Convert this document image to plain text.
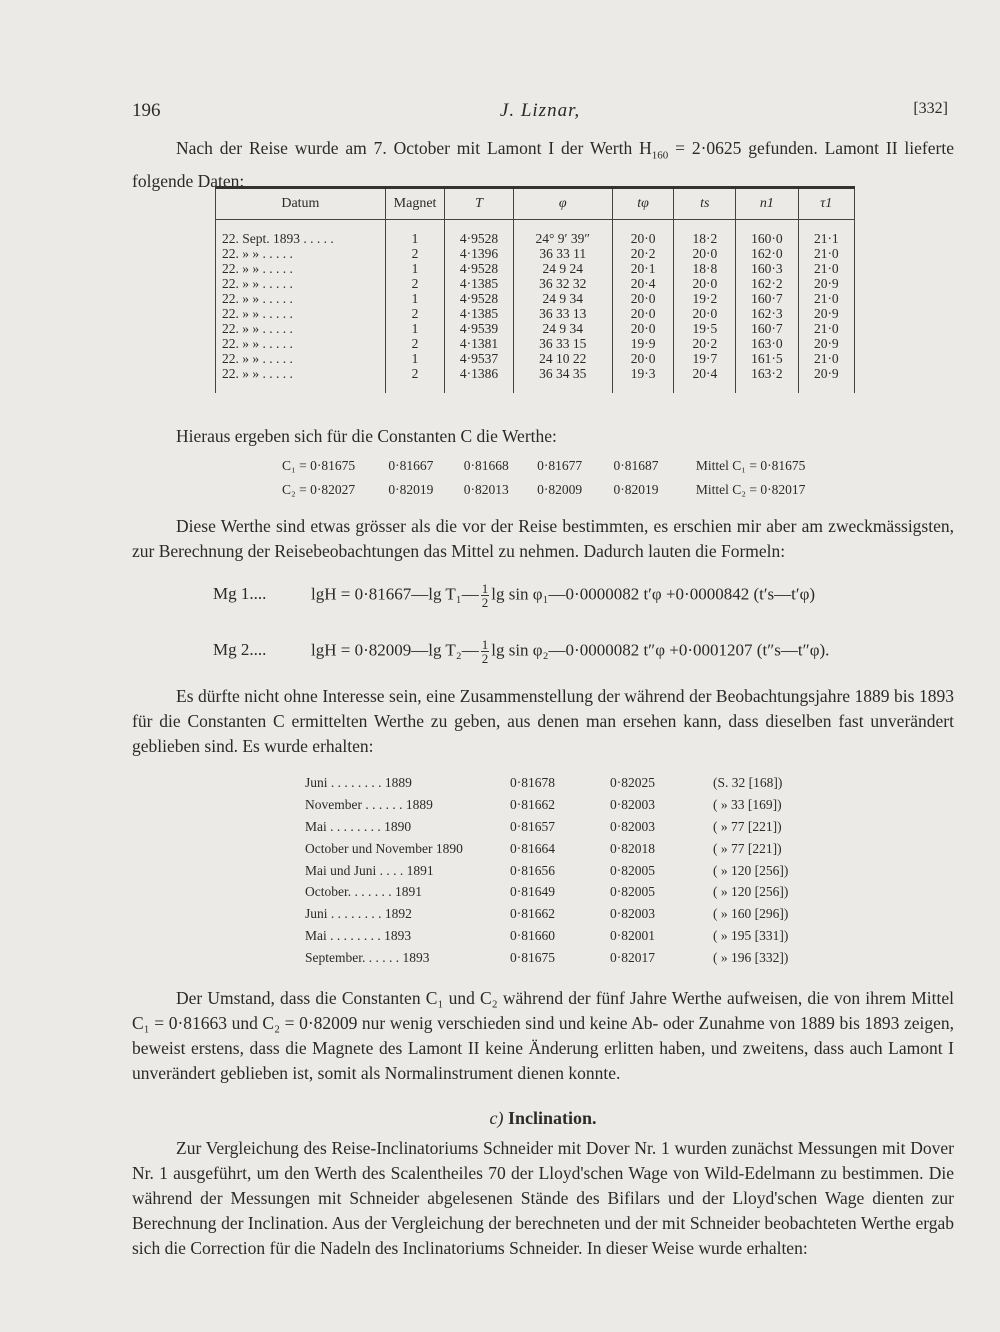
196	J. Liznar,	[332]
Nach der Reise wurde am 7. October mit Lamont I der Werth $H_{160} = 2\cdot 0625$ gefunden. Lamont II lieferte folgende Daten:
Datum	Magnet	T	φ	tφ	ts	n1	τ1

22. Sept. 1893 . . . . .	1	4·9528	24° 9′ 39″	20·0	18·2	160·0	21·1
22. » » . . . . .	2	4·1396	36 33 11	20·2	20·0	162·0	21·0
22. » » . . . . .	1	4·9528	24 9 24	20·1	18·8	160·3	21·0
22. » » . . . . .	2	4·1385	36 32 32	20·4	20·0	162·2	20·9
22. » » . . . . .	1	4·9528	24 9 34	20·0	19·2	160·7	21·0
22. » » . . . . .	2	4·1385	36 33 13	20·0	20·0	162·3	20·9
22. » » . . . . .	1	4·9539	24 9 34	20·0	19·5	160·7	21·0
22. » » . . . . .	2	4·1381	36 33 15	19·9	20·2	163·0	20·9
22. » » . . . . .	1	4·9537	24 10 22	20·0	19·7	161·5	21·0
22. » » . . . . .	2	4·1386	36 34 35	19·3	20·4	163·2	20·9

Hieraus ergeben sich für die Constanten C die Werthe:
C₁ = 0·81675 0·81667 0·81668 0·81677 0·81687	Mittel C₁ = 0·81675
C₂ = 0·82027 0·82019 0·82013 0·82009 0·82019	Mittel C₂ = 0·82017
Diese Werthe sind etwas grösser als die vor der Reise bestimmten, es erschien mir aber am zweckmässigsten, zur Berechnung der Reisebeobachtungen das Mittel zu nehmen. Dadurch lauten die Formeln:
Mg 1....	lgH = 0·81667—lg T₁— $\frac{1}{2}$ lg sin φ₁—0·0000082 t′φ +0·0000842 (t′s—t′φ)
Mg 2....	lgH = 0·82009—lg T₂— $\frac{1}{2}$ lg sin φ₂—0·0000082 t″φ +0·0001207 (t″s—t″φ).
Es dürfte nicht ohne Interesse sein, eine Zusammenstellung der während der Beobachtungsjahre 1889 bis 1893 für die Constanten C ermittelten Werthe zu geben, aus denen man ersehen kann, dass dieselben fast unverändert geblieben sind. Es wurde erhalten:
Juni . . . . . . . . 1889	0·81678	0·82025	(S. 32 [168])
November . . . . . . 1889	0·81662	0·82003	( » 33 [169])
Mai . . . . . . . . 1890	0·81657	0·82003	( » 77 [221])
October und November 1890	0·81664	0·82018	( » 77 [221])
Mai und Juni . . . . 1891	0·81656	0·82005	( » 120 [256])
October. . . . . . . 1891	0·81649	0·82005	( » 120 [256])
Juni . . . . . . . . 1892	0·81662	0·82003	( » 160 [296])
Mai . . . . . . . . 1893	0·81660	0·82001	( » 195 [331])
September. . . . . . 1893	0·81675	0·82017	( » 196 [332])
Der Umstand, dass die Constanten C₁ und C₂ während der fünf Jahre Werthe aufweisen, die von ihrem Mittel C₁ = 0·81663 und C₂ = 0·82009 nur wenig verschieden sind und keine Ab- oder Zunahme von 1889 bis 1893 zeigen, beweist erstens, dass die Magnete des Lamont II keine Änderung erlitten haben, und zweitens, dass auch Lamont I unverändert geblieben ist, somit als Normalinstrument dienen konnte.
c) Inclination.
Zur Vergleichung des Reise-Inclinatoriums Schneider mit Dover Nr. 1 wurden zunächst Messungen mit Dover Nr. 1 ausgeführt, um den Werth des Scalentheiles 70 der Lloyd'schen Wage von Wild-Edelmann zu bestimmen. Die während der Messungen mit Schneider abgelesenen Stände des Bifilars und der Lloyd'schen Wage dienten zur Berechnung der Inclination. Aus der Vergleichung der berechneten und der mit Schneider beobachteten Werthe ergab sich die Correction für die Nadeln des Inclinatoriums Schneider. In dieser Weise wurde erhalten:
